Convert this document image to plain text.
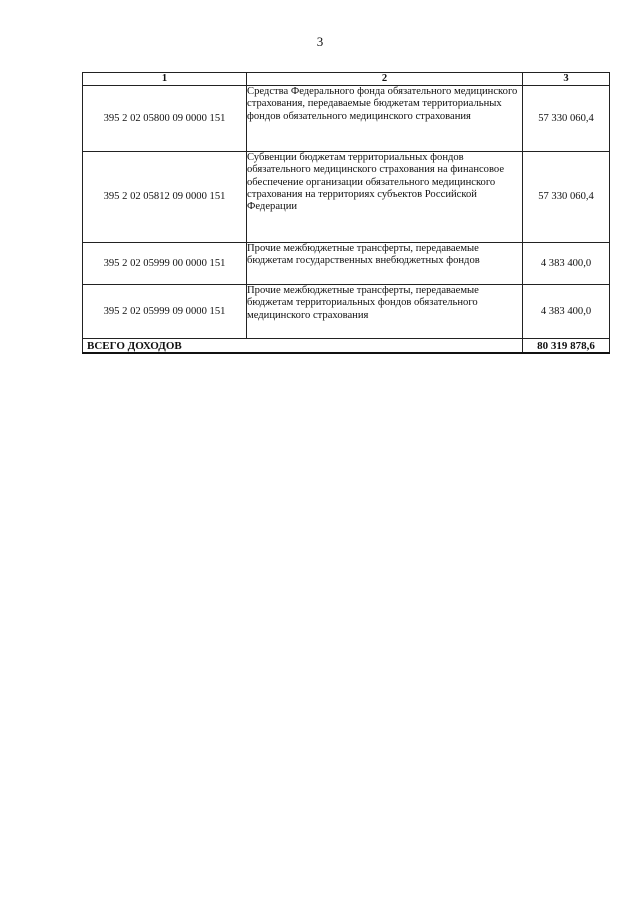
3
1	2	3
395 2 02 05800 09 0000 151	Средства Федерального фонда обязательного медицинского страхования, передаваемые бюджетам территориальных фондов обязательного медицинского страхования	57 330 060,4
395 2 02 05812 09 0000 151	Субвенции бюджетам территориальных фондов обязательного медицинского страхования на финансовое обеспечение организации обязательного медицинского страхования на территориях субъектов Российской Федерации	57 330 060,4
395 2 02 05999 00 0000 151	Прочие межбюджетные трансферты, передаваемые бюджетам государственных внебюджетных фондов	4 383 400,0
395 2 02 05999 09 0000 151	Прочие межбюджетные трансферты, передаваемые бюджетам территориальных фондов обязательного медицинского страхования	4 383 400,0
ВСЕГО ДОХОДОВ		80 319 878,6
